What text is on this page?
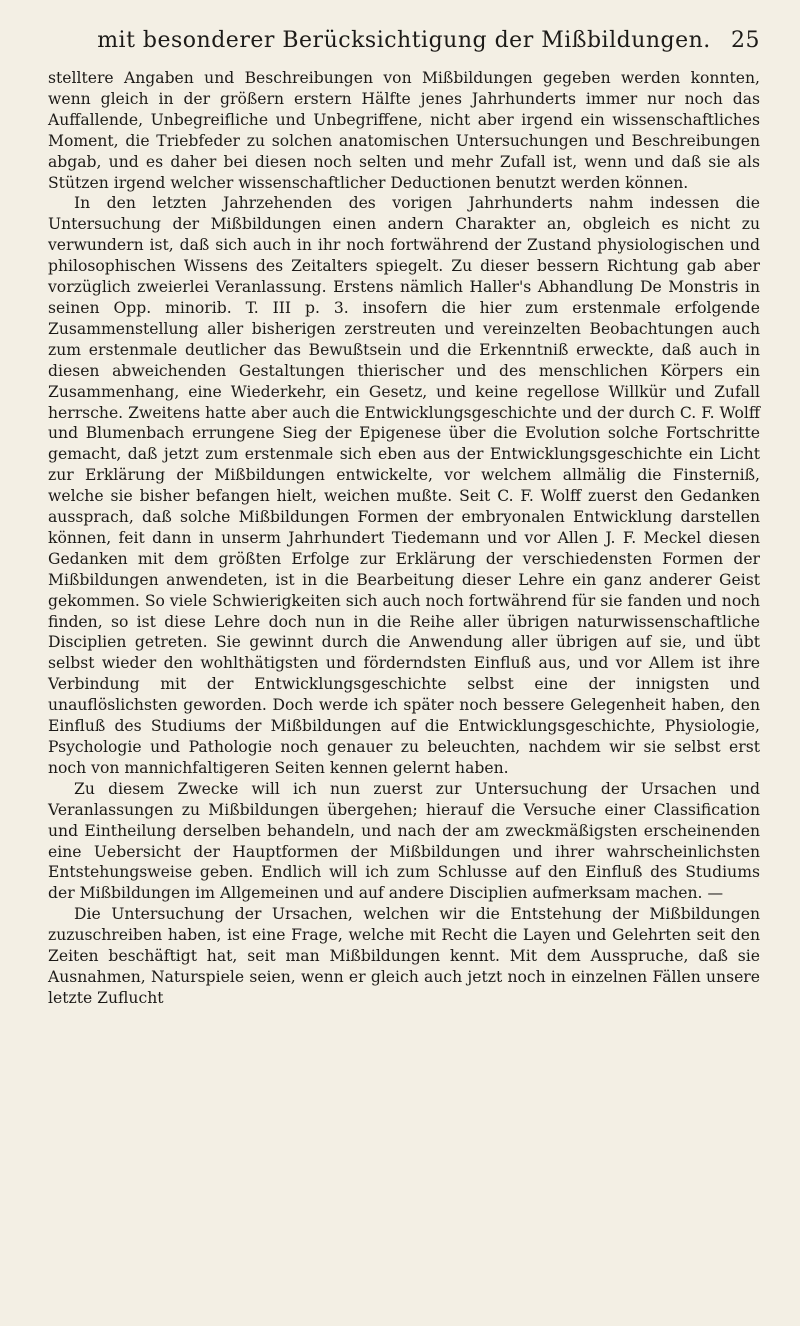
mit besonderer Berücksichtigung der Mißbildungen. 25

stelltere Angaben und Beschreibungen von Mißbildungen gegeben werden konnten, wenn gleich in der größern erstern Hälfte jenes Jahrhunderts immer nur noch das Auffallende, Unbegreifliche und Unbegriffene, nicht aber irgend ein wissenschaftliches Moment, die Triebfeder zu solchen anatomischen Untersuchungen und Beschreibungen abgab, und es daher bei diesen noch selten und mehr Zufall ist, wenn und daß sie als Stützen irgend welcher wissenschaftlicher Deductionen benutzt werden können.

In den letzten Jahrzehenden des vorigen Jahrhunderts nahm indessen die Untersuchung der Mißbildungen einen andern Charakter an, obgleich es nicht zu verwundern ist, daß sich auch in ihr noch fortwährend der Zustand physiologischen und philosophischen Wissens des Zeitalters spiegelt. Zu dieser bessern Richtung gab aber vorzüglich zweierlei Veranlassung. Erstens nämlich Haller's Abhandlung De Monstris in seinen Opp. minorib. T. III p. 3. insofern die hier zum erstenmale erfolgende Zusammenstellung aller bisherigen zerstreuten und vereinzelten Beobachtungen auch zum erstenmale deutlicher das Bewußtsein und die Erkenntniß erweckte, daß auch in diesen abweichenden Gestaltungen thierischer und des menschlichen Körpers ein Zusammenhang, eine Wiederkehr, ein Gesetz, und keine regellose Willkür und Zufall herrsche. Zweitens hatte aber auch die Entwicklungsgeschichte und der durch C. F. Wolff und Blumenbach errungene Sieg der Epigenese über die Evolution solche Fortschritte gemacht, daß jetzt zum erstenmale sich eben aus der Entwicklungsgeschichte ein Licht zur Erklärung der Mißbildungen entwickelte, vor welchem allmälig die Finsterniß, welche sie bisher befangen hielt, weichen mußte. Seit C. F. Wolff zuerst den Gedanken aussprach, daß solche Mißbildungen Formen der embryonalen Entwicklung darstellen können, feit dann in unserm Jahrhundert Tiedemann und vor Allen J. F. Meckel diesen Gedanken mit dem größten Erfolge zur Erklärung der verschiedensten Formen der Mißbildungen anwendeten, ist in die Bearbeitung dieser Lehre ein ganz anderer Geist gekommen. So viele Schwierigkeiten sich auch noch fortwährend für sie fanden und noch finden, so ist diese Lehre doch nun in die Reihe aller übrigen naturwissenschaftliche Disciplien getreten. Sie gewinnt durch die Anwendung aller übrigen auf sie, und übt selbst wieder den wohlthätigsten und förderndsten Einfluß aus, und vor Allem ist ihre Verbindung mit der Entwicklungsgeschichte selbst eine der innigsten und unauflöslichsten geworden. Doch werde ich später noch bessere Gelegenheit haben, den Einfluß des Studiums der Mißbildungen auf die Entwicklungsgeschichte, Physiologie, Psychologie und Pathologie noch genauer zu beleuchten, nachdem wir sie selbst erst noch von mannichfaltigeren Seiten kennen gelernt haben.

Zu diesem Zwecke will ich nun zuerst zur Untersuchung der Ursachen und Veranlassungen zu Mißbildungen übergehen; hierauf die Versuche einer Classification und Eintheilung derselben behandeln, und nach der am zweckmäßigsten erscheinenden eine Uebersicht der Hauptformen der Mißbildungen und ihrer wahrscheinlichsten Entstehungsweise geben. Endlich will ich zum Schlusse auf den Einfluß des Studiums der Mißbildungen im Allgemeinen und auf andere Disciplien aufmerksam machen. —

Die Untersuchung der Ursachen, welchen wir die Entstehung der Mißbildungen zuzuschreiben haben, ist eine Frage, welche mit Recht die Layen und Gelehrten seit den Zeiten beschäftigt hat, seit man Mißbildungen kennt. Mit dem Ausspruche, daß sie Ausnahmen, Naturspiele seien, wenn er gleich auch jetzt noch in einzelnen Fällen unsere letzte Zuflucht
